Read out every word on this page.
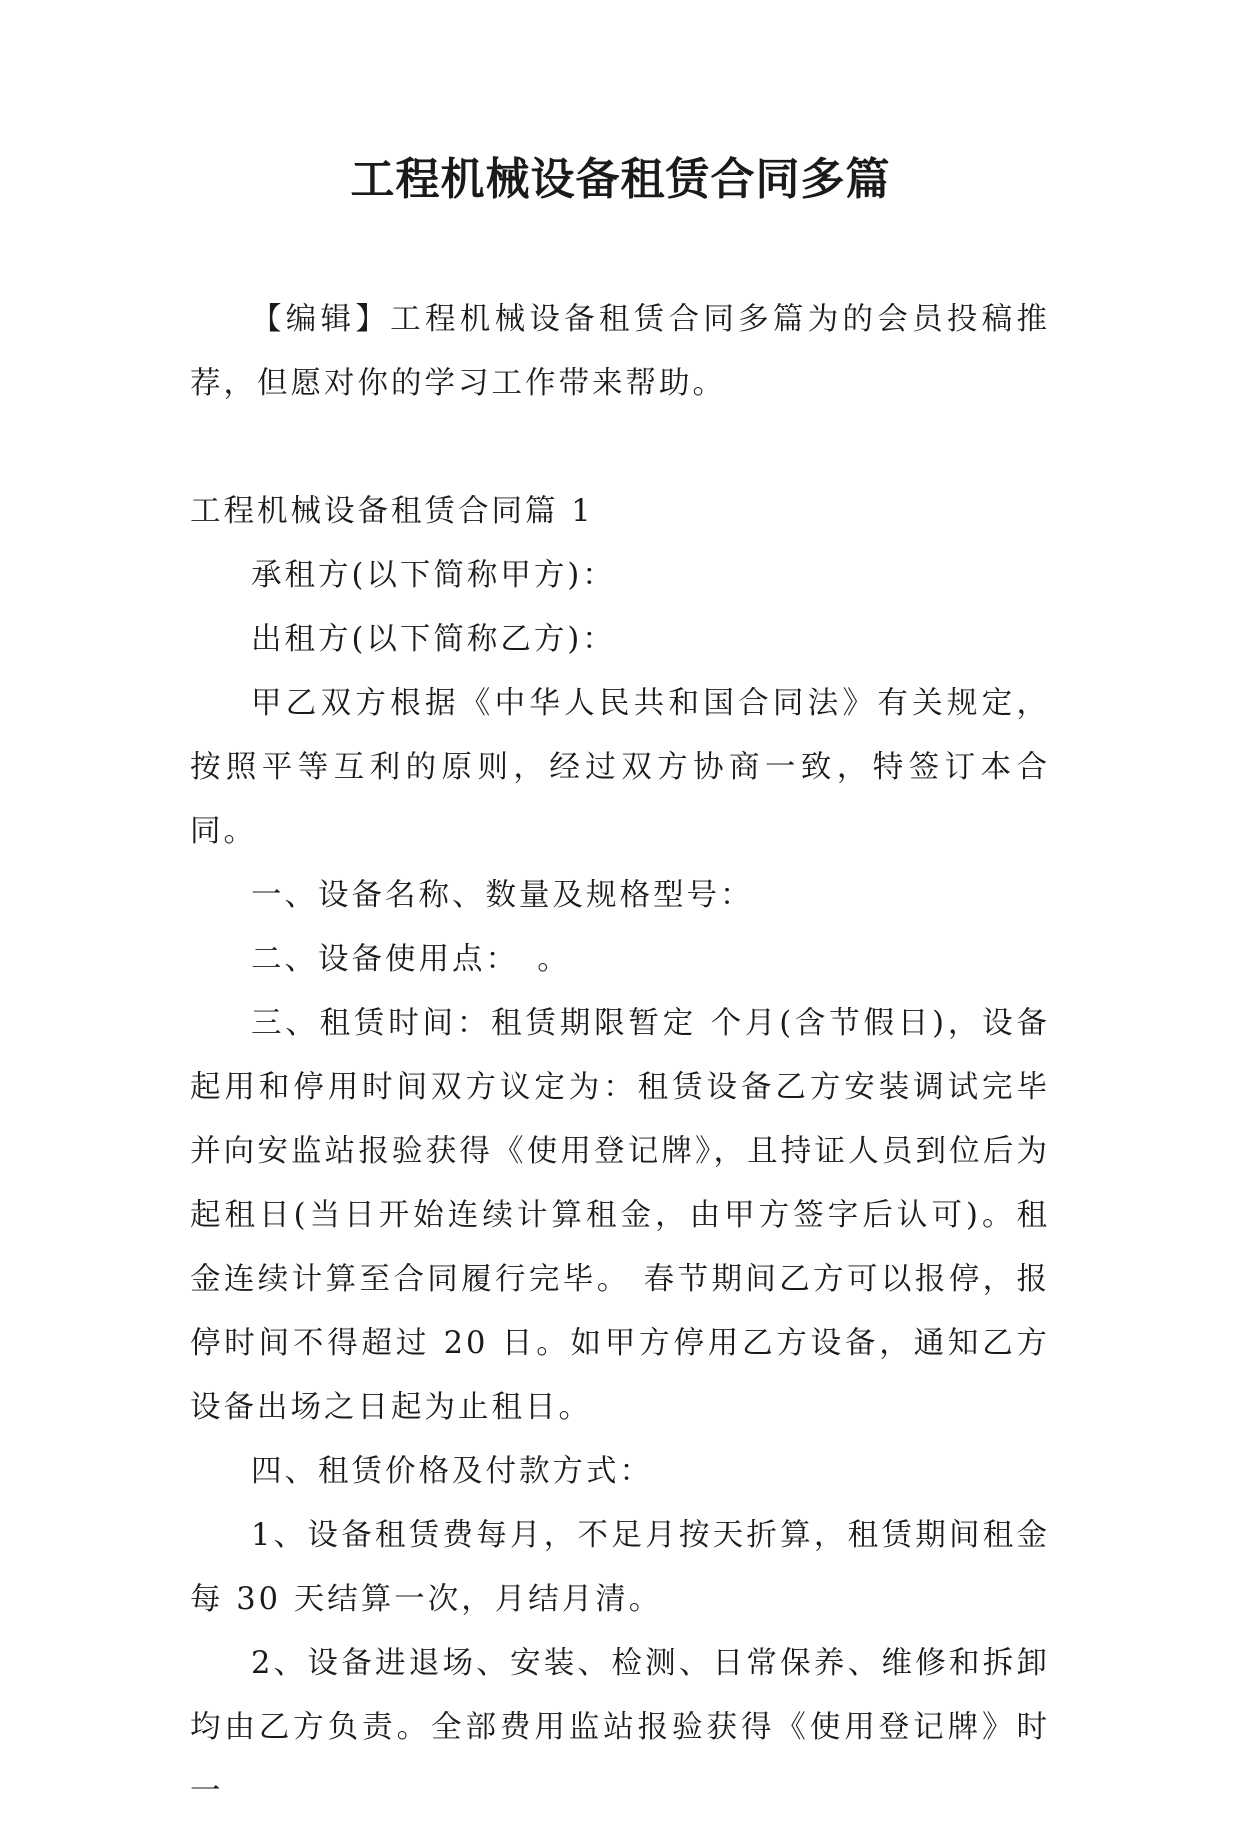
工程机械设备租赁合同多篇

【编辑】工程机械设备租赁合同多篇为的会员投稿推荐，但愿对你的学习工作带来帮助。

工程机械设备租赁合同篇 1

承租方(以下简称甲方)：

出租方(以下简称乙方)：

甲乙双方根据《中华人民共和国合同法》有关规定，按照平等互利的原则，经过双方协商一致，特签订本合同。

一、设备名称、数量及规格型号：

二、设备使用点：　。

三、租赁时间：租赁期限暂定 个月(含节假日)，设备起用和停用时间双方议定为：租赁设备乙方安装调试完毕并向安监站报验获得《使用登记牌》，且持证人员到位后为起租日(当日开始连续计算租金，由甲方签字后认可)。租金连续计算至合同履行完毕。 春节期间乙方可以报停，报停时间不得超过 20 日。如甲方停用乙方设备，通知乙方设备出场之日起为止租日。

四、租赁价格及付款方式：

1、设备租赁费每月，不足月按天折算，租赁期间租金每 30 天结算一次，月结月清。

2、设备进退场、安装、检测、日常保养、维修和拆卸均由乙方负责。全部费用监站报验获得《使用登记牌》时一
